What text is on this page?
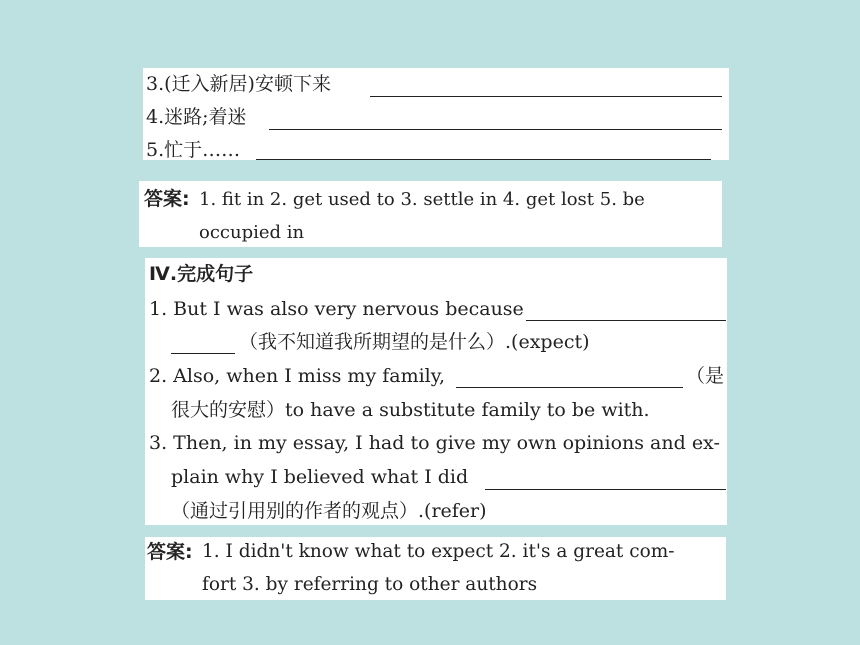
3.(迁入新居)安顿下来
4.迷路;着迷
5.忙于……
答案: 1. fit in 2. get used to 3. settle in 4. get lost 5. be
occupied in
Ⅳ.完成句子
1. But I was also very nervous because
（我不知道我所期望的是什么）.(expect)
2. Also, when I miss my family,	（是
很大的安慰）to have a substitute family to be with.
3. Then, in my essay, I had to give my own opinions and ex-
plain why I believed what I did
（通过引用别的作者的观点）.(refer)
答案: 1. I didn't know what to expect 2. it's a great com-
fort 3. by referring to other authors
